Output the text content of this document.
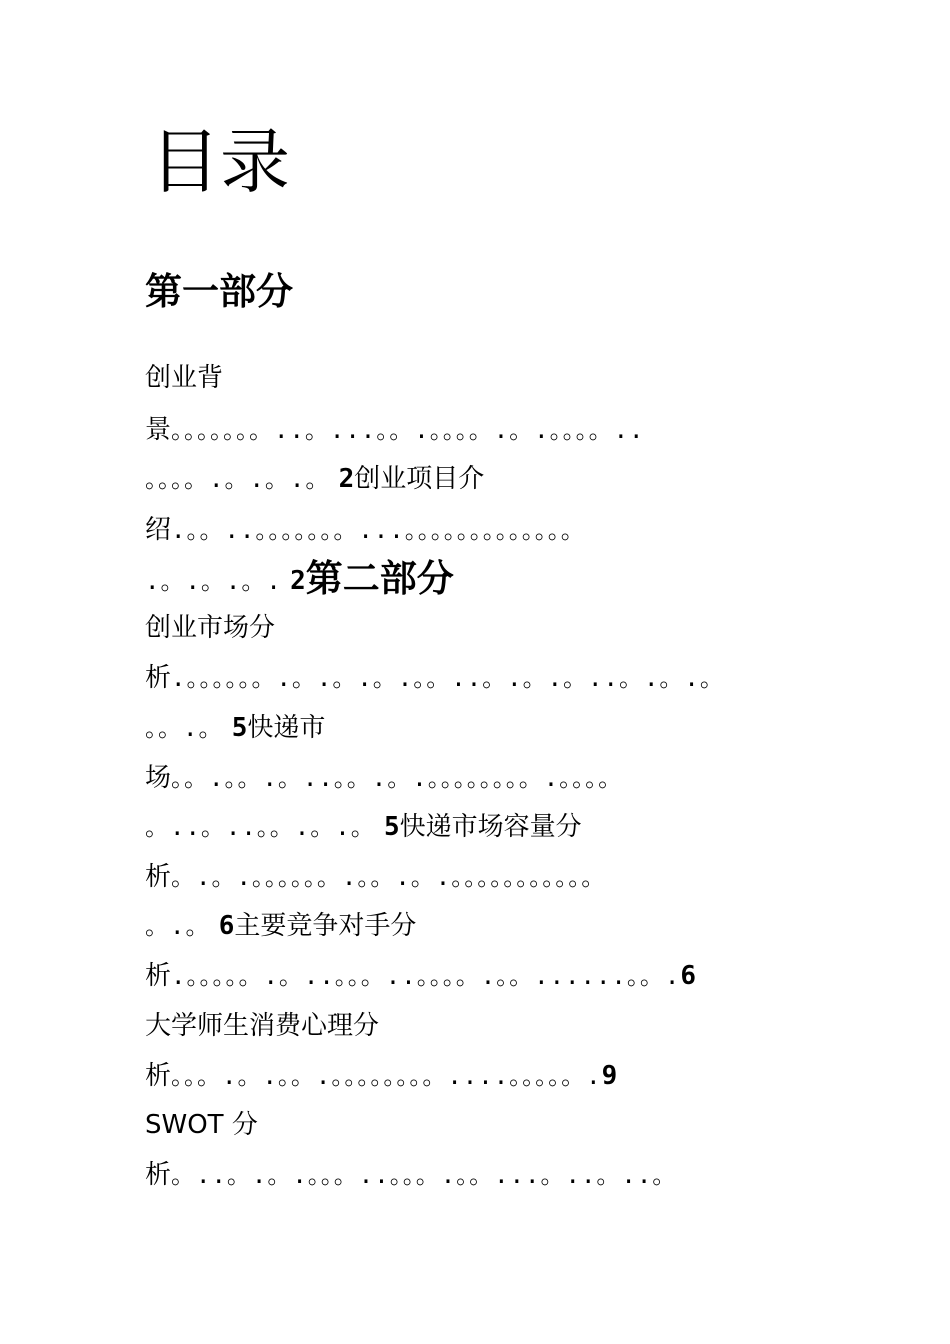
目录
第一部分
创业背
景。。。。。。。..。...。。.。。。。.。.。。。。..
。。。。.。.。.。 2创业项目介
绍.。。..。。。。。。。...。。。。。。。。。。。。。
.。.。.。. 2第二部分
创业市场分
析.。。。。。。.。.。.。.。。..。.。.。..。.。.。
。。.。 5快递市
场。。.。。.。..。。.。.。。。。。。。。.。。。。
。..。..。。.。.。 5快递市场容量分
析。.。.。。。。。。.。。.。.。。。。。。。。。。。
。.。 6主要竞争对手分
析.。。。。。.。..。。。..。。。。.。。......。。.6
大学师生消费心理分
析。。。.。.。。.。。。。。。。。....。。。。。.9
SWOT 分
析。..。.。.。。。..。。。.。。...。..。..。
